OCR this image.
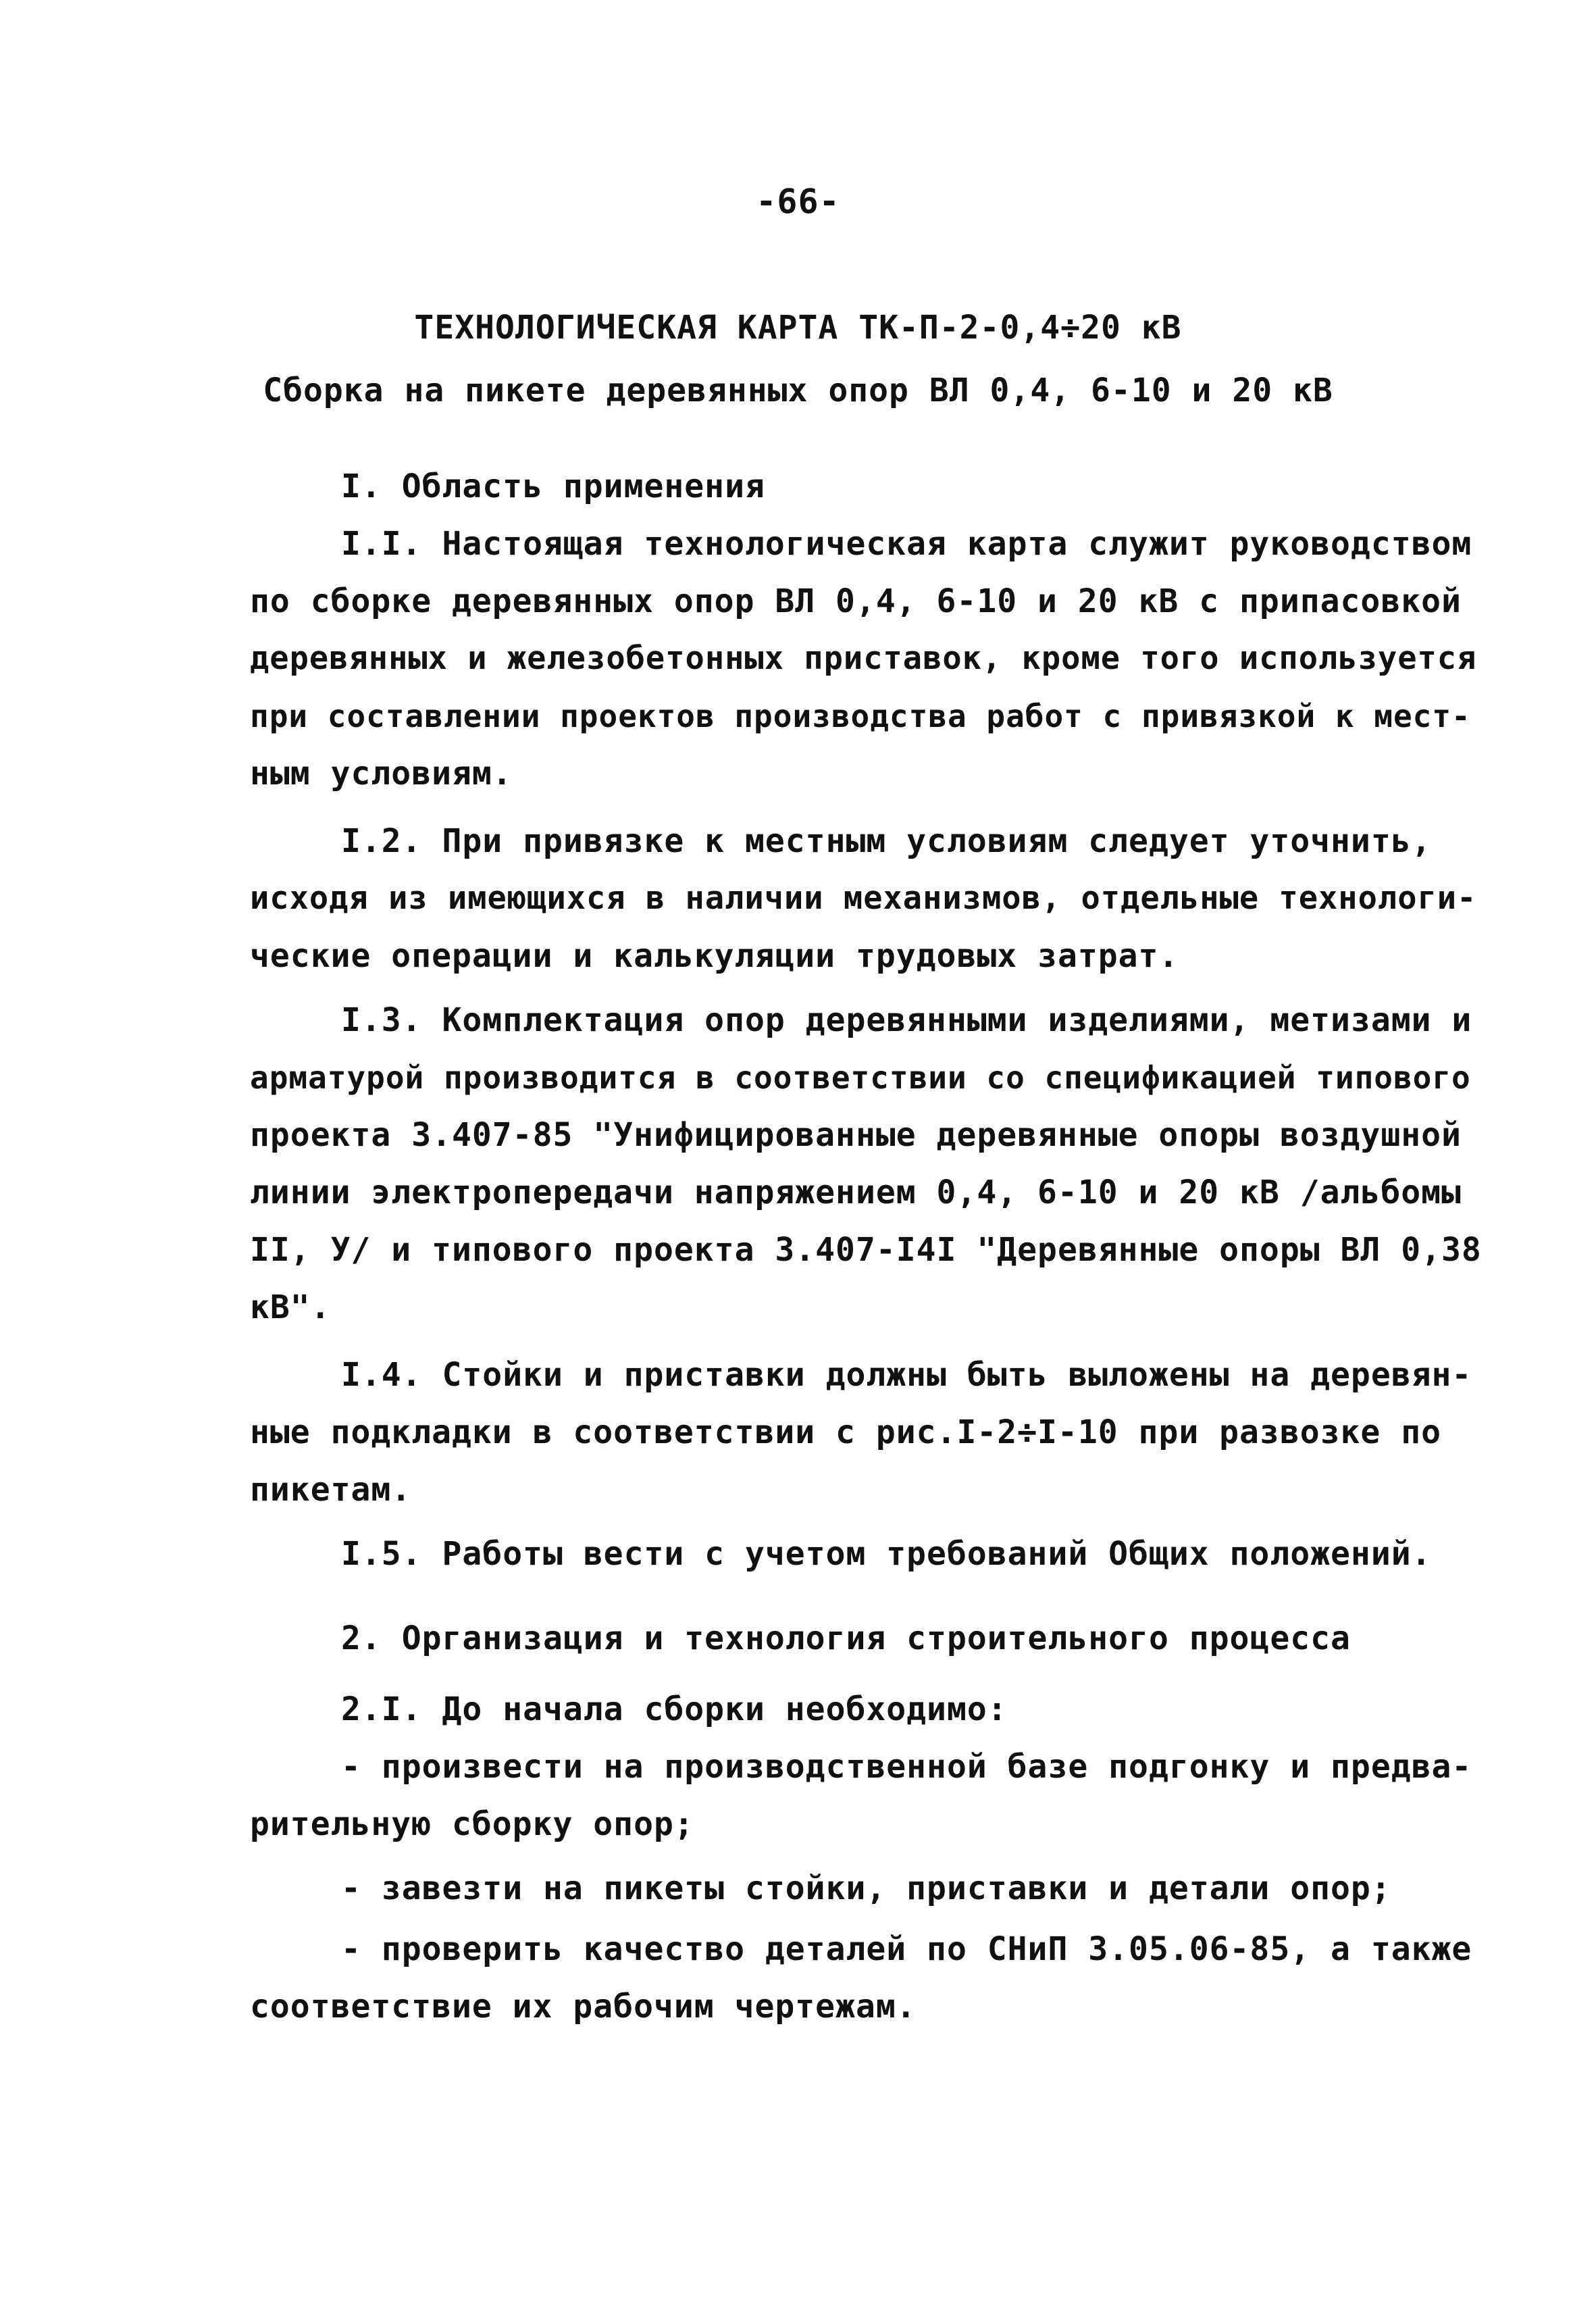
-66-
ТЕХНОЛОГИЧЕСКАЯ КАРТА ТК-П-2-0,4÷20 кВ
Сборка на пикете деревянных опор ВЛ 0,4, 6-10 и 20 кВ
I. Область применения
I.I. Настоящая технологическая карта служит руководством
по сборке деревянных опор ВЛ 0,4, 6-10 и 20 кВ с припасовкой
деревянных и железобетонных приставок, кроме того используется
при составлении проектов производства работ с привязкой к мест-
ным условиям.
I.2. При привязке к местным условиям следует уточнить,
исходя из имеющихся в наличии механизмов, отдельные технологи-
ческие операции и калькуляции трудовых затрат.
I.3. Комплектация опор деревянными изделиями, метизами и
арматурой производится в соответствии со спецификацией типового
проекта 3.407-85 "Унифицированные деревянные опоры воздушной
линии электропередачи напряжением 0,4, 6-10 и 20 кВ /альбомы
II, У/ и типового проекта 3.407-I4I "Деревянные опоры ВЛ 0,38
кВ".
I.4. Стойки и приставки должны быть выложены на деревян-
ные подкладки в соответствии с рис.I-2÷I-10 при развозке по
пикетам.
I.5. Работы вести с учетом требований Общих положений.
2. Организация и технология строительного процесса
2.I. До начала сборки необходимо:
- произвести на производственной базе подгонку и предва-
рительную сборку опор;
- завезти на пикеты стойки, приставки и детали опор;
- проверить качество деталей по СНиП 3.05.06-85, а также
соответствие их рабочим чертежам.
